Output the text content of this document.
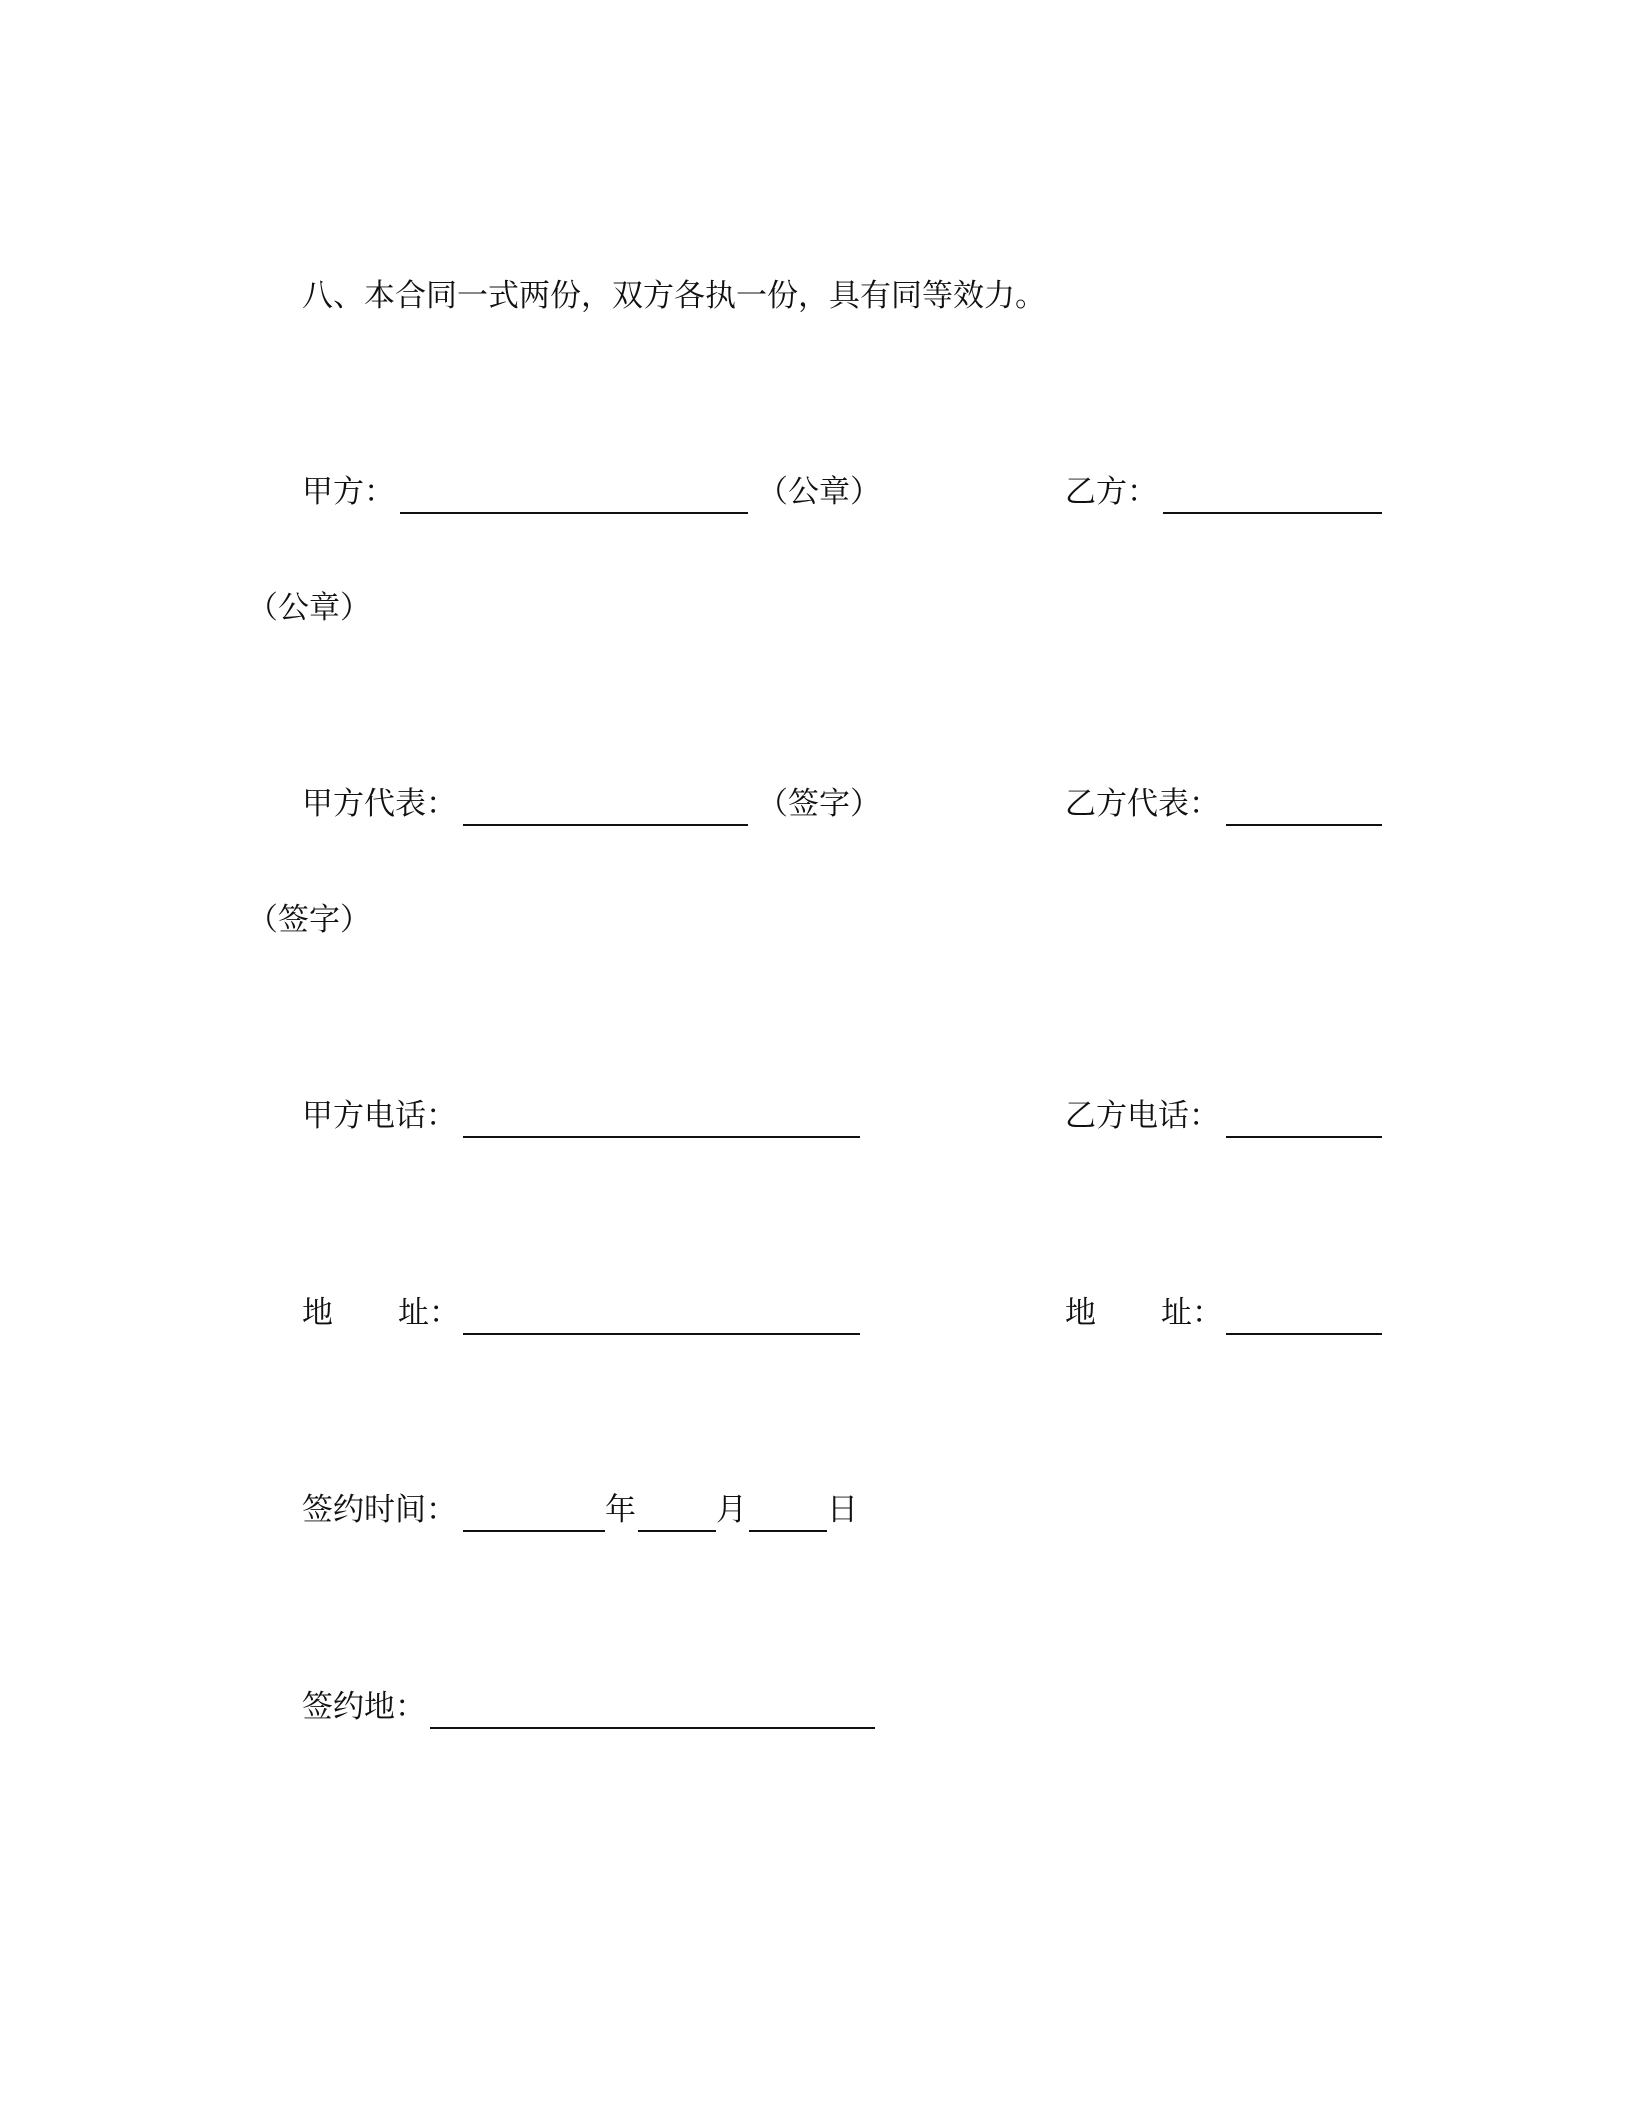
八、本合同一式两份，双方各执一份，具有同等效力。
甲方：	（公章）	乙方：
（公章）
甲方代表：	（签字）	乙方代表：
（签字）
甲方电话：	乙方电话：
地 址：	地 址：
签约时间：	年	月	日
签约地：
